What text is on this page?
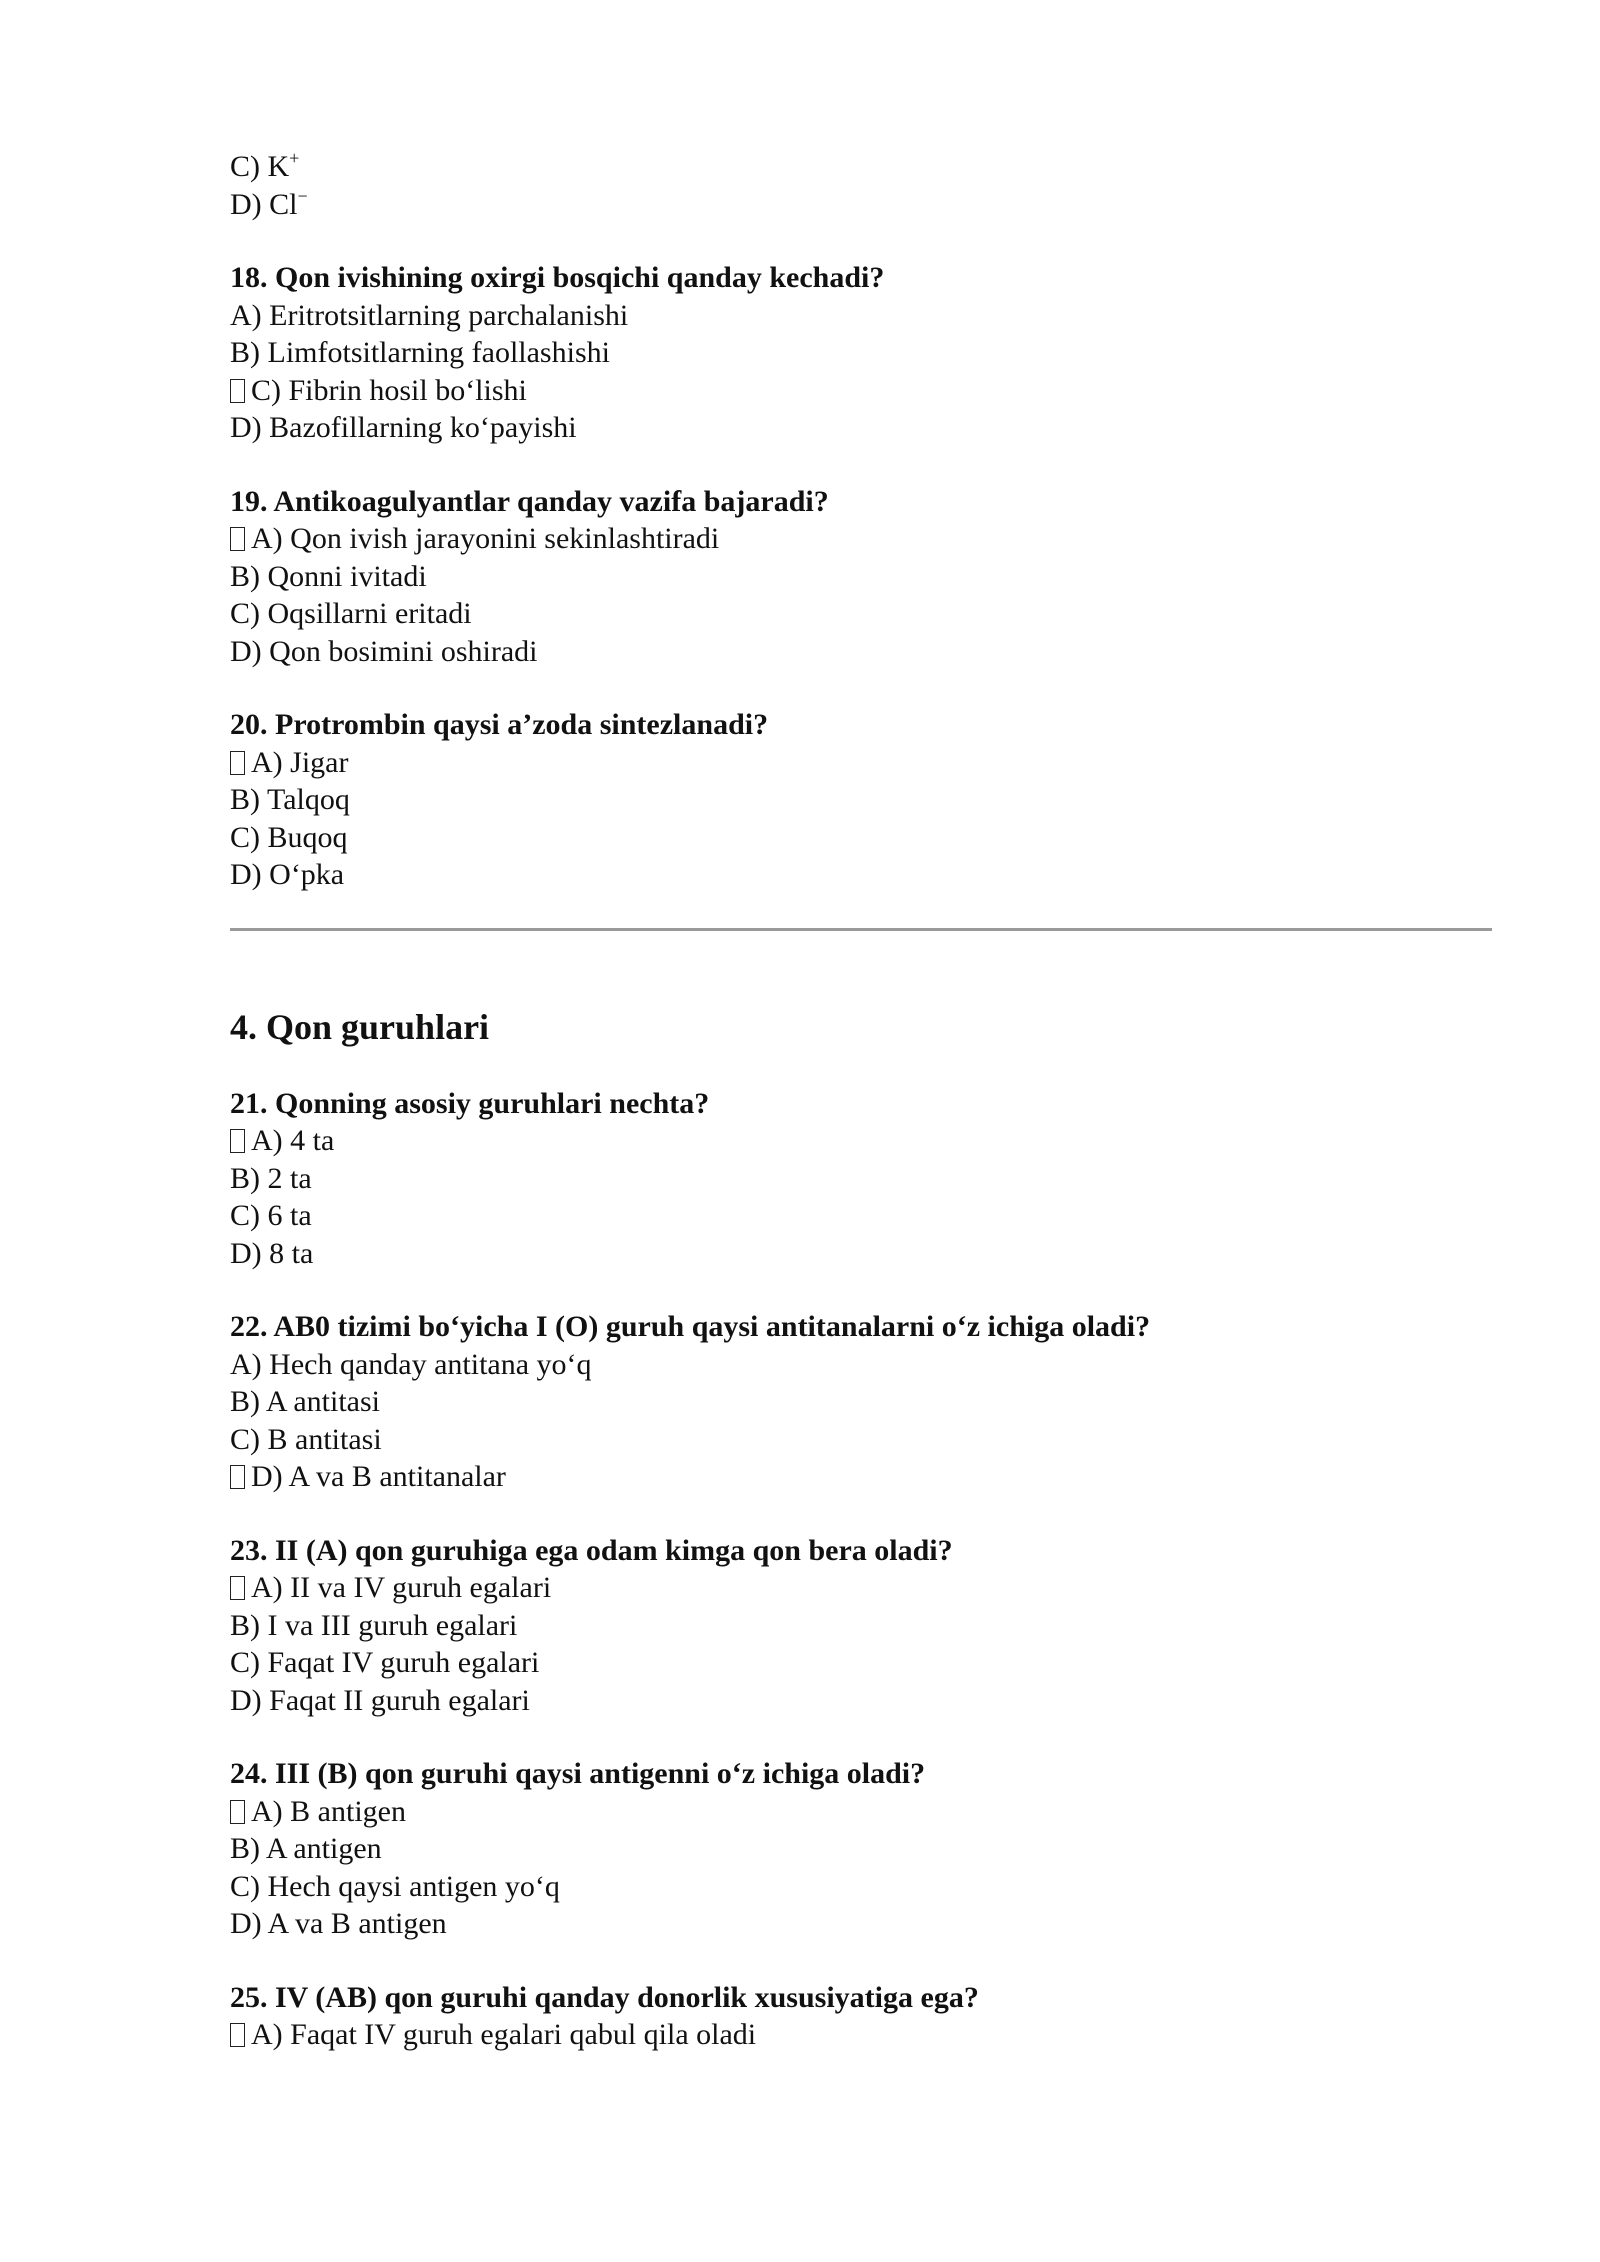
C) K+
D) Cl−
18. Qon ivishining oxirgi bosqichi qanday kechadi?
A) Eritrotsitlarning parchalanishi
B) Limfotsitlarning faollashishi
C) Fibrin hosil bo‘lishi
D) Bazofillarning ko‘payishi
19. Antikoagulyantlar qanday vazifa bajaradi?
A) Qon ivish jarayonini sekinlashtiradi
B) Qonni ivitadi
C) Oqsillarni eritadi
D) Qon bosimini oshiradi
20. Protrombin qaysi a’zoda sintezlanadi?
A) Jigar
B) Talqoq
C) Buqoq
D) O‘pka
4. Qon guruhlari
21. Qonning asosiy guruhlari nechta?
A) 4 ta
B) 2 ta
C) 6 ta
D) 8 ta
22. AB0 tizimi bo‘yicha I (O) guruh qaysi antitanalarni o‘z ichiga oladi?
A) Hech qanday antitana yo‘q
B) A antitasi
C) B antitasi
D) A va B antitanalar
23. II (A) qon guruhiga ega odam kimga qon bera oladi?
A) II va IV guruh egalari
B) I va III guruh egalari
C) Faqat IV guruh egalari
D) Faqat II guruh egalari
24. III (B) qon guruhi qaysi antigenni o‘z ichiga oladi?
A) B antigen
B) A antigen
C) Hech qaysi antigen yo‘q
D) A va B antigen
25. IV (AB) qon guruhi qanday donorlik xususiyatiga ega?
A) Faqat IV guruh egalari qabul qila oladi
